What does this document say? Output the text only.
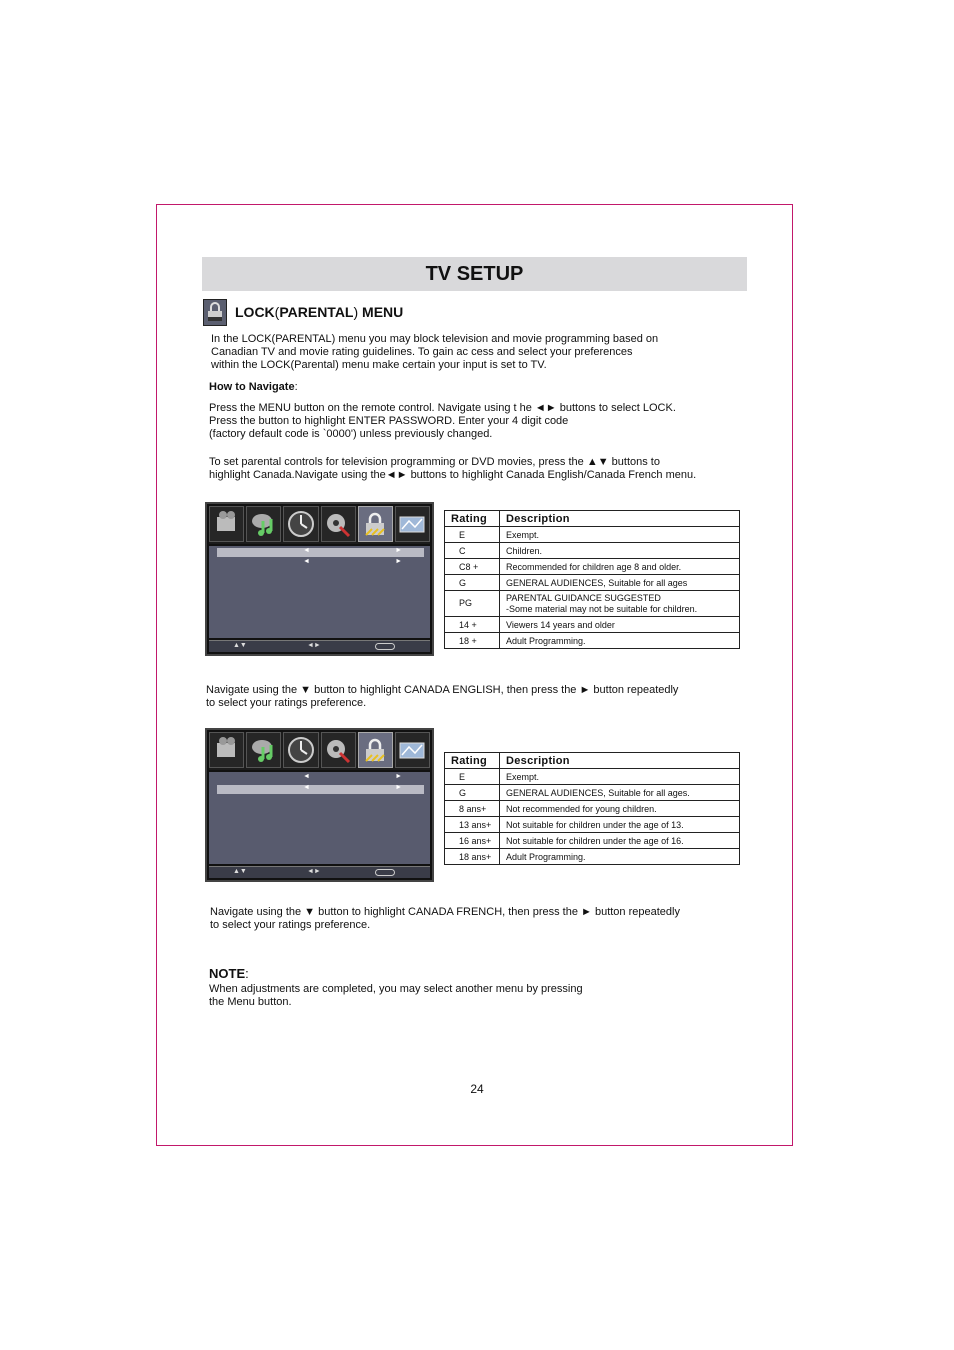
TV SETUP
LOCK(PARENTAL) MENU
In the LOCK(PARENTAL) menu you may block television and movie programming based on
Canadian TV and movie rating guidelines. To gain ac cess and select your preferences
within the LOCK(Parental) menu make certain your input is set to TV.
How to Navigate:
Press the MENU button on the remote control. Navigate using t he ◄► buttons to select LOCK.
Press the button to highlight ENTER PASSWORD. Enter your 4 digit code
(factory default code is `0000') unless previously changed.
To set parental controls for television programming or DVD movies, press the ▲▼ buttons to
highlight Canada.Navigate using the◄► buttons to highlight Canada English/Canada French menu.
◄	►
◄	►
▲▼	◄►
Rating	Description
E	Exempt.
C	Children.
C8 +	Recommended for children age 8 and older.
G	GENERAL AUDIENCES, Suitable for all ages
PG	PARENTAL GUIDANCE SUGGESTED
-Some material may not be suitable for children.
14 +	Viewers 14 years and older
18 +	Adult Programming.
Navigate using the ▼ button to highlight CANADA ENGLISH, then press the ► button repeatedly
to select your ratings preference.
◄	►
◄	►
▲▼	◄►
Rating	Description
E	Exempt.
G	GENERAL AUDIENCES, Suitable for all ages.
8 ans+	Not recommended for young children.
13 ans+	Not suitable for children under the age of 13.
16 ans+	Not suitable for children under the age of 16.
18 ans+	Adult Programming.
Navigate using the ▼ button to highlight CANADA FRENCH, then press the ► button repeatedly
to select your ratings preference.
NOTE:
When adjustments are completed, you may select another menu by pressing
the Menu button.
24
